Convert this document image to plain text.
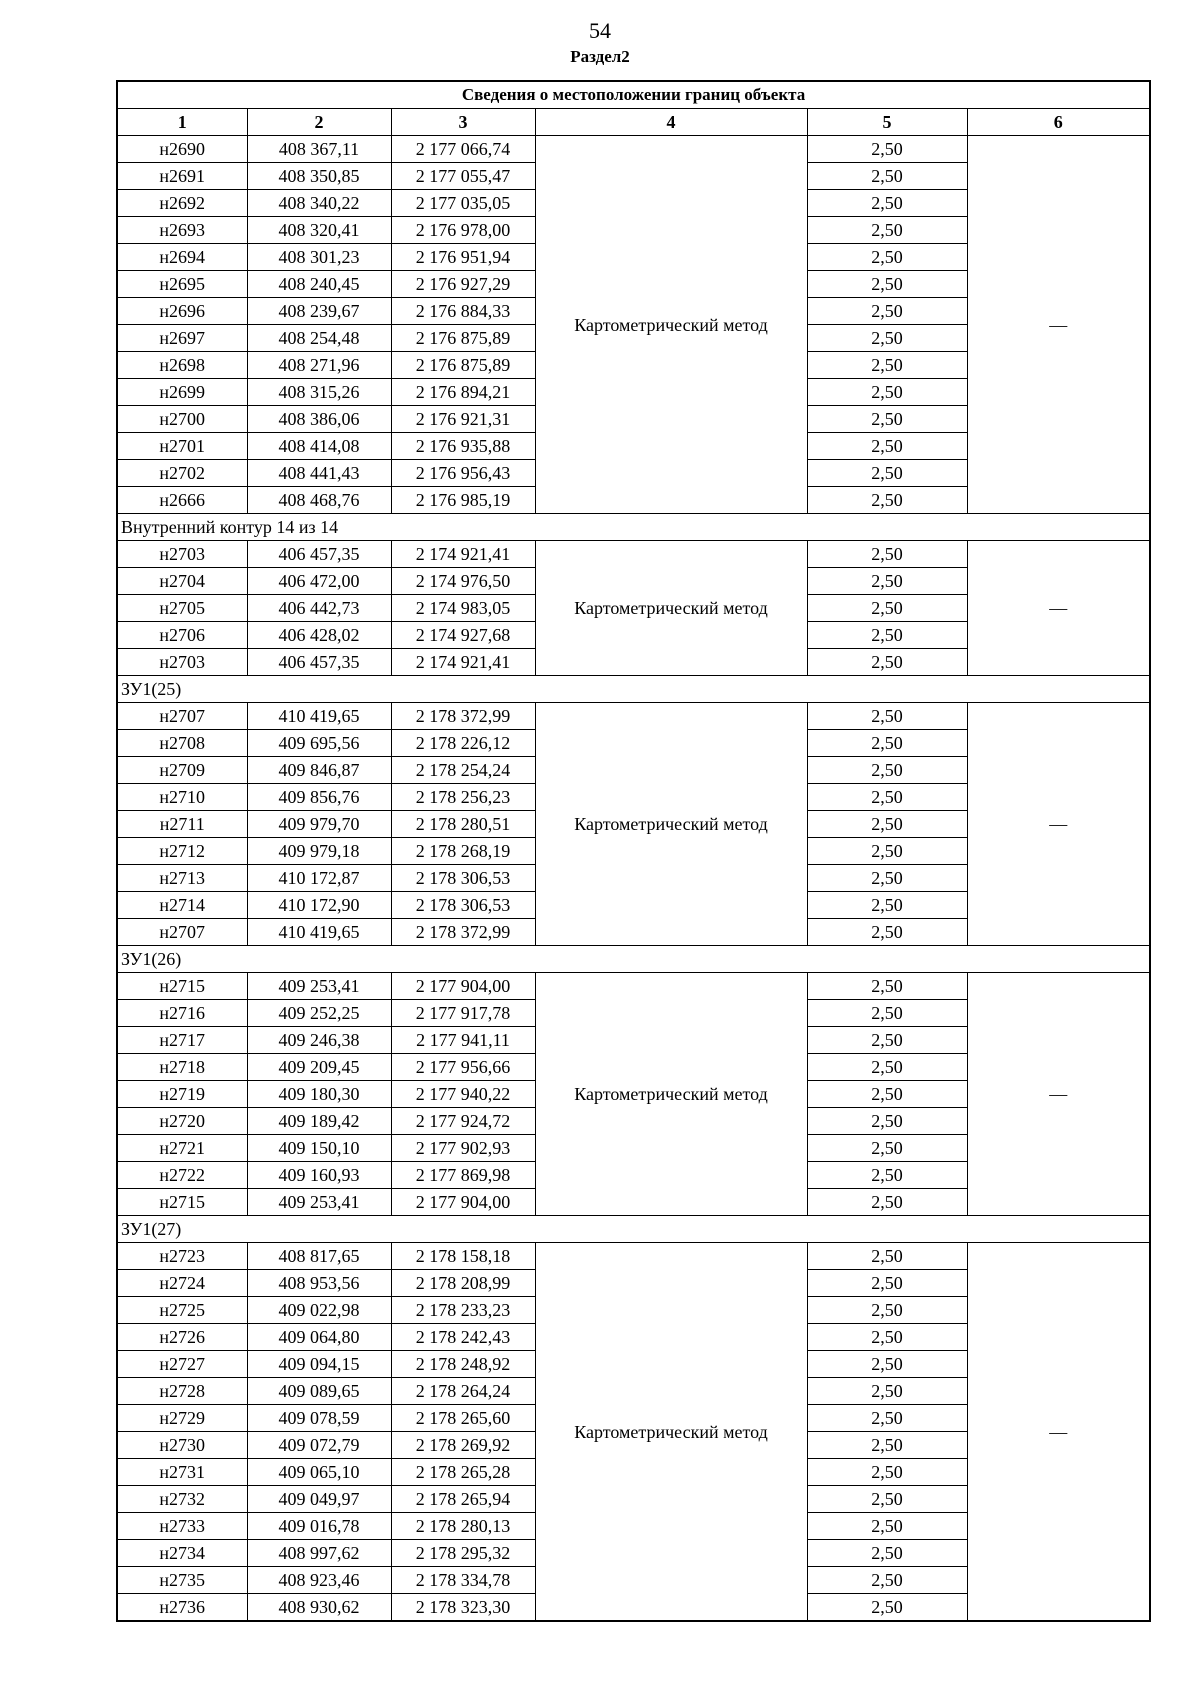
54
Раздел2
Сведения о местоположении границ объекта					
1	2	3	4	5	6
н2690	408 367,11	2 177 066,74	Картометрический метод	2,50	—
н2691	408 350,85	2 177 055,47		2,50	
н2692	408 340,22	2 177 035,05		2,50	
н2693	408 320,41	2 176 978,00		2,50	
н2694	408 301,23	2 176 951,94		2,50	
н2695	408 240,45	2 176 927,29		2,50	
н2696	408 239,67	2 176 884,33		2,50	
н2697	408 254,48	2 176 875,89		2,50	
н2698	408 271,96	2 176 875,89		2,50	
н2699	408 315,26	2 176 894,21		2,50	
н2700	408 386,06	2 176 921,31		2,50	
н2701	408 414,08	2 176 935,88		2,50	
н2702	408 441,43	2 176 956,43		2,50	
н2666	408 468,76	2 176 985,19		2,50	
Внутренний контур 14 из 14					
н2703	406 457,35	2 174 921,41	Картометрический метод	2,50	—
н2704	406 472,00	2 174 976,50		2,50	
н2705	406 442,73	2 174 983,05		2,50	
н2706	406 428,02	2 174 927,68		2,50	
н2703	406 457,35	2 174 921,41		2,50	
ЗУ1(25)					
н2707	410 419,65	2 178 372,99	Картометрический метод	2,50	—
н2708	409 695,56	2 178 226,12		2,50	
н2709	409 846,87	2 178 254,24		2,50	
н2710	409 856,76	2 178 256,23		2,50	
н2711	409 979,70	2 178 280,51		2,50	
н2712	409 979,18	2 178 268,19		2,50	
н2713	410 172,87	2 178 306,53		2,50	
н2714	410 172,90	2 178 306,53		2,50	
н2707	410 419,65	2 178 372,99		2,50	
ЗУ1(26)					
н2715	409 253,41	2 177 904,00	Картометрический метод	2,50	—
н2716	409 252,25	2 177 917,78		2,50	
н2717	409 246,38	2 177 941,11		2,50	
н2718	409 209,45	2 177 956,66		2,50	
н2719	409 180,30	2 177 940,22		2,50	
н2720	409 189,42	2 177 924,72		2,50	
н2721	409 150,10	2 177 902,93		2,50	
н2722	409 160,93	2 177 869,98		2,50	
н2715	409 253,41	2 177 904,00		2,50	
ЗУ1(27)					
н2723	408 817,65	2 178 158,18	Картометрический метод	2,50	—
н2724	408 953,56	2 178 208,99		2,50	
н2725	409 022,98	2 178 233,23		2,50	
н2726	409 064,80	2 178 242,43		2,50	
н2727	409 094,15	2 178 248,92		2,50	
н2728	409 089,65	2 178 264,24		2,50	
н2729	409 078,59	2 178 265,60		2,50	
н2730	409 072,79	2 178 269,92		2,50	
н2731	409 065,10	2 178 265,28		2,50	
н2732	409 049,97	2 178 265,94		2,50	
н2733	409 016,78	2 178 280,13		2,50	
н2734	408 997,62	2 178 295,32		2,50	
н2735	408 923,46	2 178 334,78		2,50	
н2736	408 930,62	2 178 323,30		2,50	
